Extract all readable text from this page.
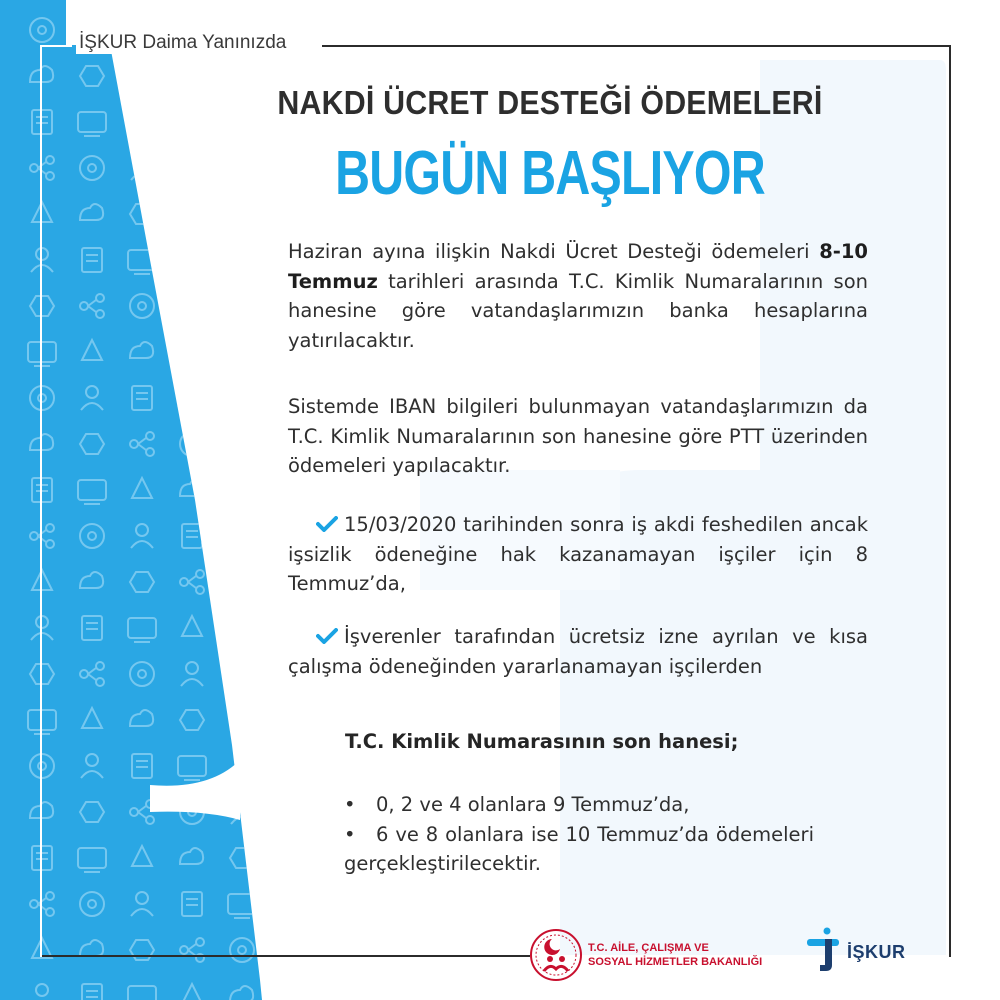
İŞKUR Daima Yanınızda
NAKDİ ÜCRET DESTEĞİ ÖDEMELERİ
BUGÜN BAŞLIYOR
Haziran ayına ilişkin Nakdi Ücret Desteği ödemeleri 8-10 Temmuz tarihleri arasında T.C. Kimlik Numaralarının son hanesine göre vatandaşlarımızın banka hesaplarına yatırılacaktır.
Sistemde IBAN bilgileri bulunmayan vatandaşlarımızın da T.C. Kimlik Numaralarının son hanesine göre PTT üzerinden ödemeleri yapılacaktır.
15/03/2020 tarihinden sonra iş akdi feshedilen ancak işsizlik ödeneğine hak kazanamayan işçiler için 8 Temmuz’da,
İşverenler tarafından ücretsiz izne ayrılan ve kısa çalışma ödeneğinden yararlanamayan işçilerden
T.C. Kimlik Numarasının son hanesi;
• 0, 2 ve 4 olanlara 9 Temmuz’da,
• 6 ve 8 olanlara ise 10 Temmuz’da ödemeleri gerçekleştirilecektir.
T.C. AİLE, ÇALIŞMA VE
SOSYAL HİZMETLER BAKANLIĞI	İŞKUR
